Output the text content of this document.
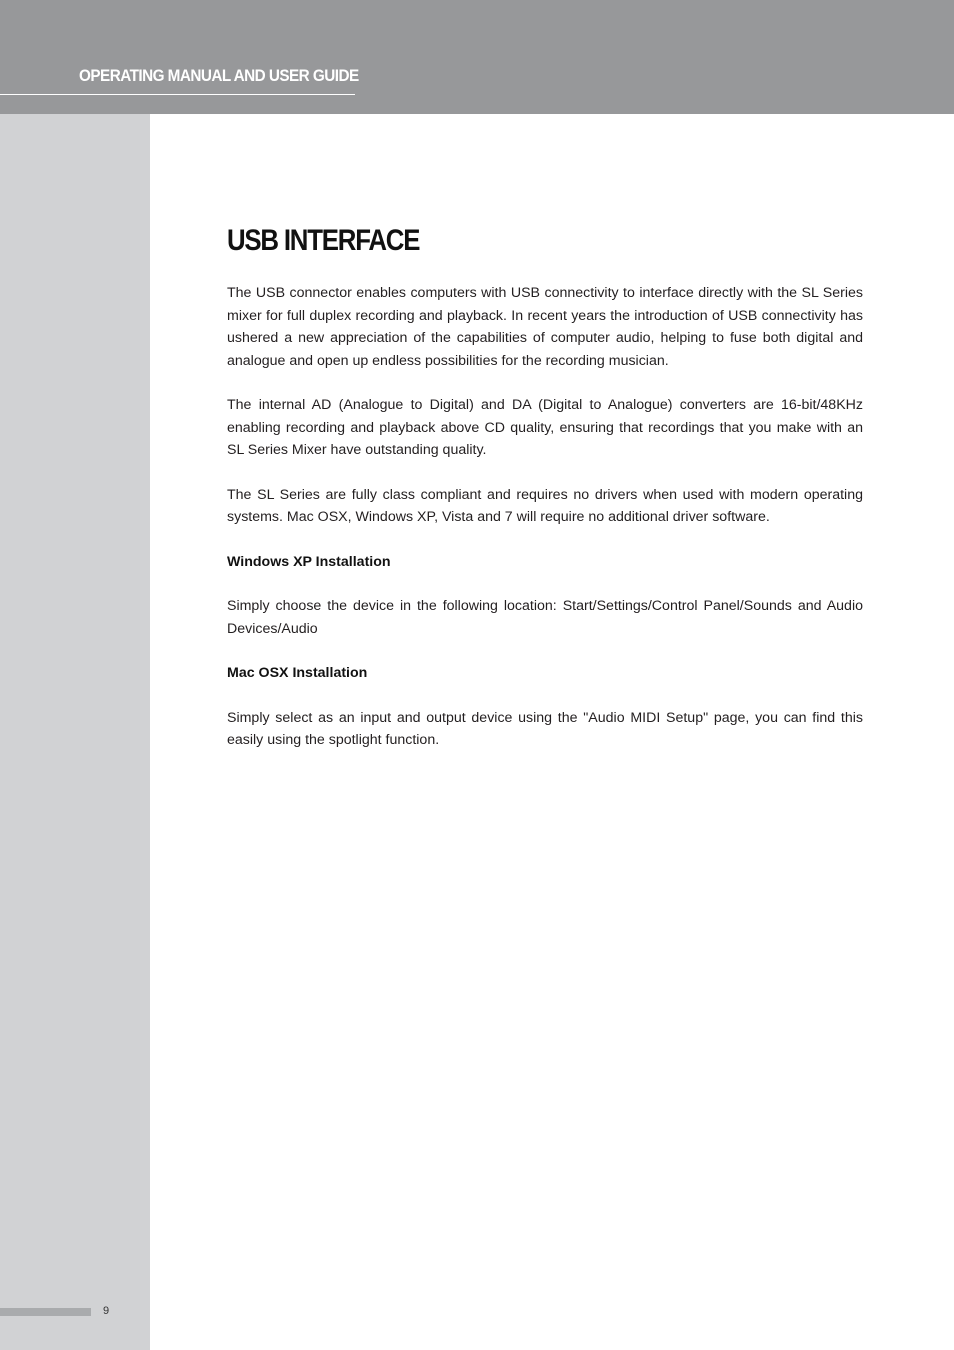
OPERATING MANUAL AND USER GUIDE
9
USB INTERFACE

The USB connector enables computers with USB connectivity to interface directly with the SL Series mixer for full duplex recording and playback. In recent years the introduction of USB connectivity has ushered a new appreciation of the capabilities of computer audio, helping to fuse both digital and analogue and open up endless possibilities for the recording musician.

The internal AD (Analogue to Digital) and DA (Digital to Analogue) converters are 16-bit/48KHz enabling recording and playback above CD quality, ensuring that recordings that you make with an SL Series Mixer have outstanding quality.

The SL Series are fully class compliant and requires no drivers when used with modern operating systems. Mac OSX, Windows XP, Vista and 7 will require no additional driver software.

Windows XP Installation

Simply choose the device in the following location: Start/Settings/Control Panel/Sounds and Audio Devices/Audio

Mac OSX Installation

Simply select as an input and output device using the "Audio MIDI Setup" page, you can find this easily using the spotlight function.
